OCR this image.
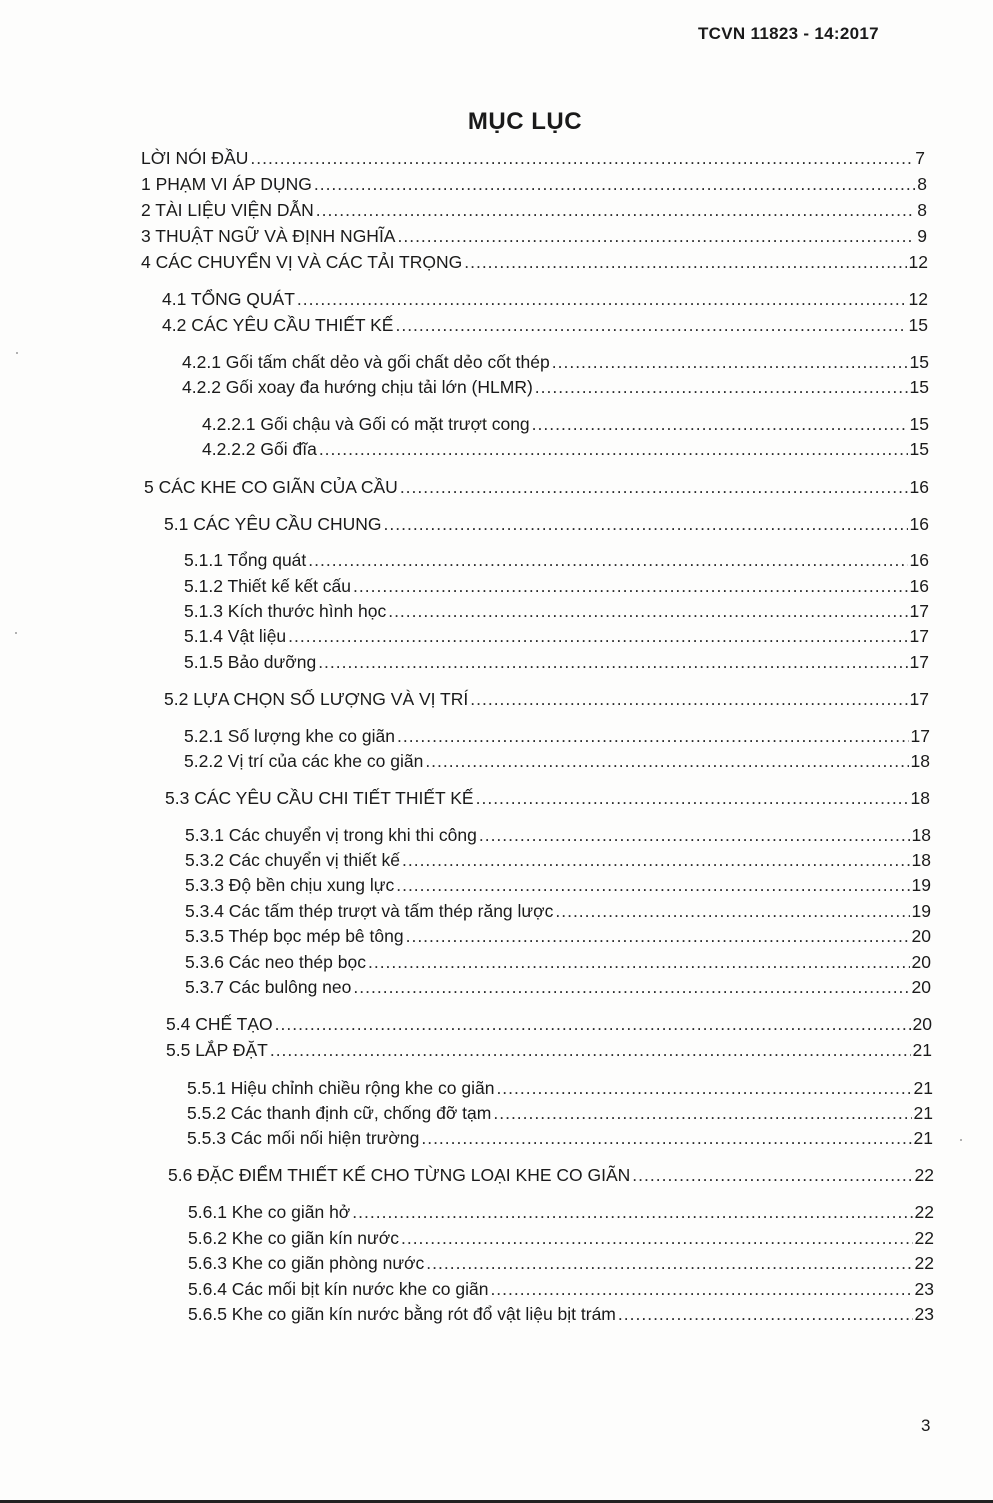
TCVN 11823 - 14:2017
MỤC LỤC
LỜI NÓI ĐẦU .....	7
1 PHẠM VI ÁP DỤNG .....	8
2 TÀI LIỆU VIỆN DẪN .....	8
3 THUẬT NGỮ VÀ ĐỊNH NGHĨA .....	9
4 CÁC CHUYỂN VỊ VÀ CÁC TẢI TRỌNG .....	12
4.1 TỔNG QUÁT .....	12
4.2 CÁC YÊU CẦU THIẾT KẾ .....	15
4.2.1 Gối tấm chất dẻo và gối chất dẻo cốt thép .....	15
4.2.2 Gối xoay đa hướng chịu tải lớn (HLMR) .....	15
4.2.2.1 Gối chậu và Gối có mặt trượt cong .....	15
4.2.2.2 Gối đĩa .....	15
5 CÁC KHE CO GIÃN CỦA CẦU .....	16
5.1 CÁC YÊU CẦU CHUNG .....	16
5.1.1 Tổng quát .....	16
5.1.2 Thiết kế kết cấu .....	16
5.1.3 Kích thước hình học .....	17
5.1.4 Vật liệu .....	17
5.1.5 Bảo dưỡng .....	17
5.2 LỰA CHỌN SỐ LƯỢNG VÀ VỊ TRÍ .....	17
5.2.1 Số lượng khe co giãn .....	17
5.2.2 Vị trí của các khe co giãn .....	18
5.3 CÁC YÊU CẦU CHI TIẾT THIẾT KẾ .....	18
5.3.1 Các chuyển vị trong khi thi công .....	18
5.3.2 Các chuyển vị thiết kế .....	18
5.3.3 Độ bền chịu xung lực .....	19
5.3.4 Các tấm thép trượt và tấm thép răng lược .....	19
5.3.5 Thép bọc mép bê tông .....	20
5.3.6 Các neo thép bọc .....	20
5.3.7 Các bulông neo .....	20
5.4 CHẾ TẠO .....	20
5.5 LẮP ĐẶT .....	21
5.5.1 Hiệu chỉnh chiều rộng khe co giãn .....	21
5.5.2 Các thanh định cữ, chống đỡ tạm .....	21
5.5.3 Các mối nối hiện trường .....	21
5.6 ĐẶC ĐIỂM THIẾT KẾ CHO TỪNG LOẠI KHE CO GIÃN .....	22
5.6.1 Khe co giãn hở .....	22
5.6.2 Khe co giãn kín nước .....	22
5.6.3 Khe co giãn phòng nước .....	22
5.6.4 Các mối bịt kín nước khe co giãn .....	23
5.6.5 Khe co giãn kín nước bằng rót đổ vật liệu bịt trám .....	23
3
